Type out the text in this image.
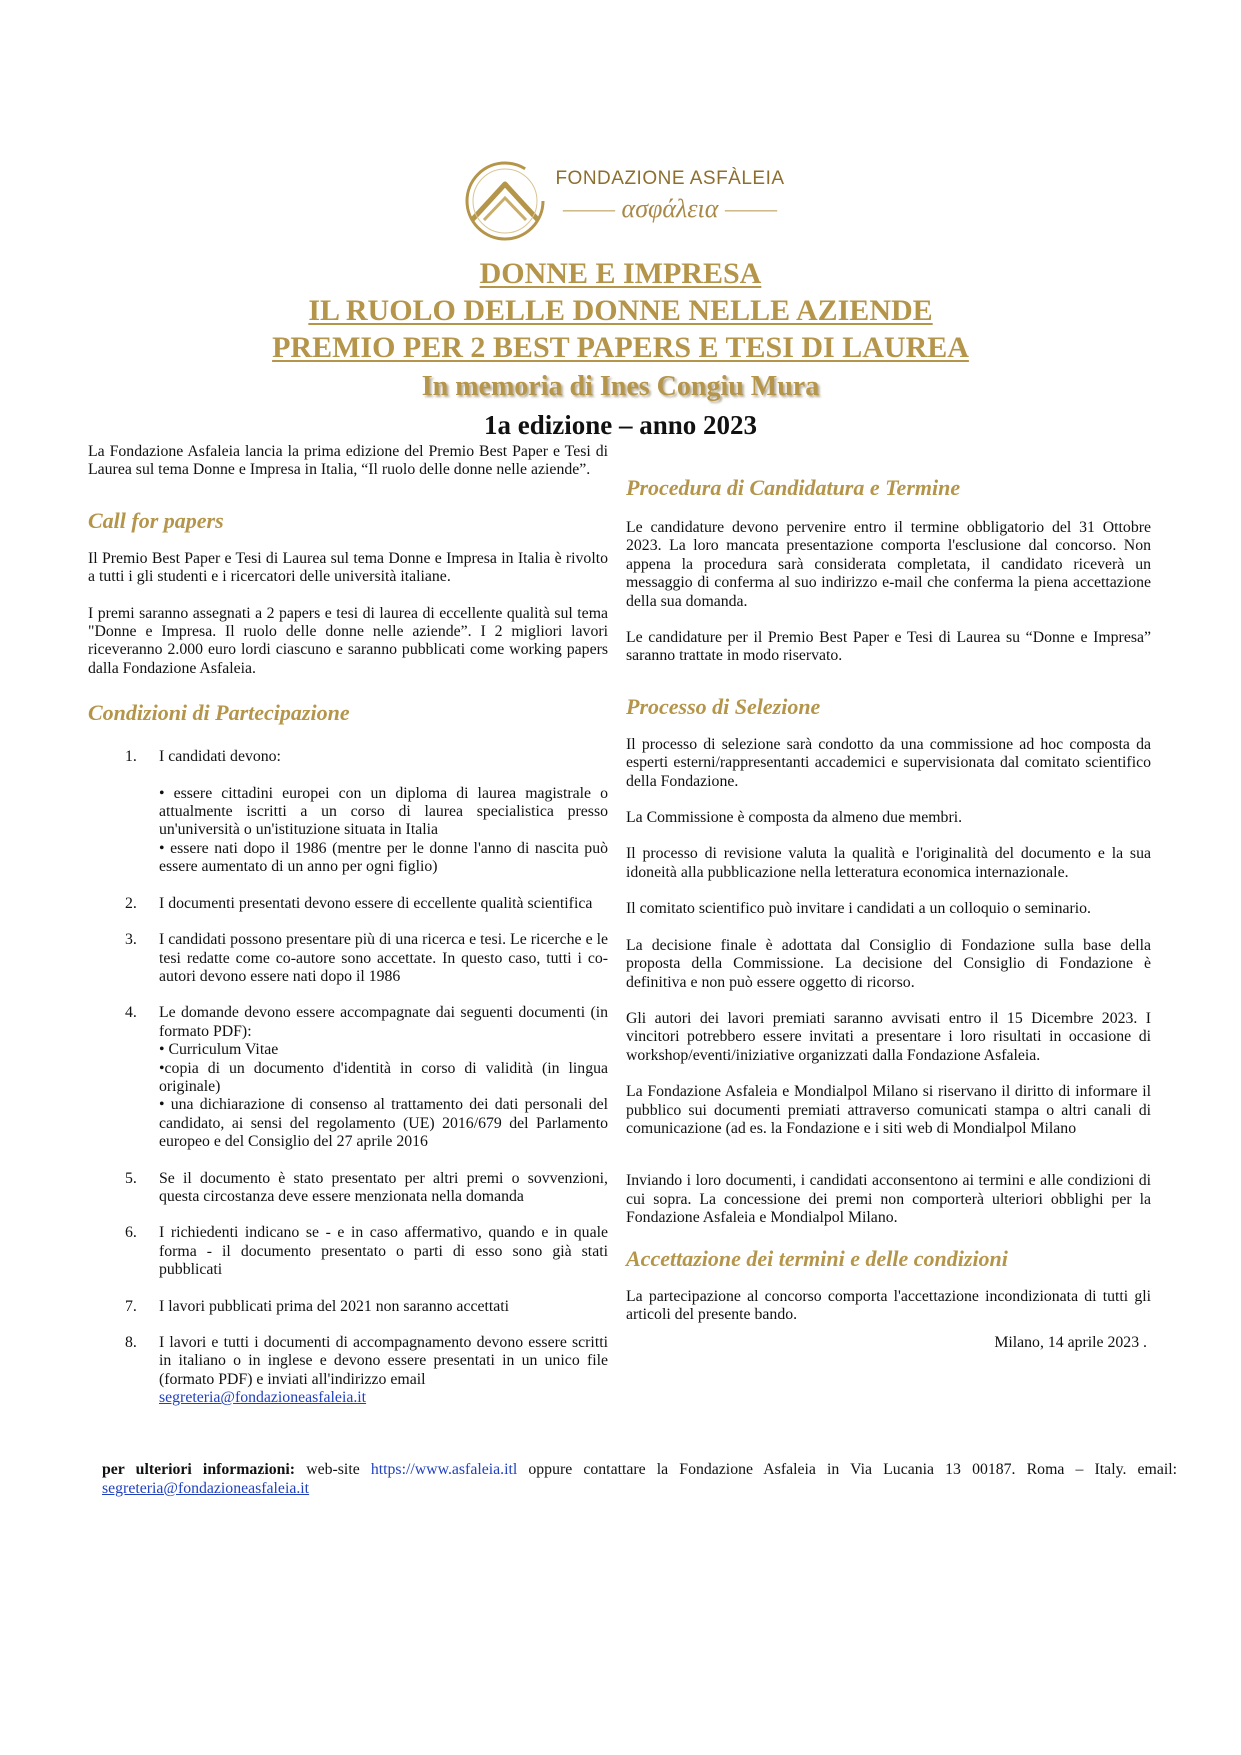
FONDAZIONE ASFÀLEIA
—— ασφάλεια ——
DONNE E IMPRESA
IL RUOLO DELLE DONNE NELLE AZIENDE
PREMIO PER 2 BEST PAPERS E TESI DI LAUREA
In memoria di Ines Congiu Mura
1a edizione – anno 2023

La Fondazione Asfaleia lancia la prima edizione del Premio Best Paper e Tesi di Laurea sul tema Donne e Impresa in Italia, “Il ruolo delle donne nelle aziende”.

Call for papers

Il Premio Best Paper e Tesi di Laurea sul tema Donne e Impresa in Italia è rivolto a tutti i gli studenti e i ricercatori delle università italiane.

I premi saranno assegnati a 2 papers e tesi di laurea di eccellente qualità sul tema "Donne e Impresa. Il ruolo delle donne nelle aziende”. I 2 migliori lavori riceveranno 2.000 euro lordi ciascuno e saranno pubblicati come working papers dalla Fondazione Asfaleia.

Condizioni di Partecipazione
1. I candidati devono:
• essere cittadini europei con un diploma di laurea magistrale o attualmente iscritti a un corso di laurea specialistica presso un'università o un'istituzione situata in Italia
• essere nati dopo il 1986 (mentre per le donne l'anno di nascita può essere aumentato di un anno per ogni figlio)
2. I documenti presentati devono essere di eccellente qualità scientifica
3. I candidati possono presentare più di una ricerca e tesi. Le ricerche e le tesi redatte come co-autore sono accettate. In questo caso, tutti i co-autori devono essere nati dopo il 1986
4. Le domande devono essere accompagnate dai seguenti documenti (in formato PDF):
• Curriculum Vitae
•copia di un documento d'identità in corso di validità (in lingua originale)
• una dichiarazione di consenso al trattamento dei dati personali del candidato, ai sensi del regolamento (UE) 2016/679 del Parlamento europeo e del Consiglio del 27 aprile 2016
5. Se il documento è stato presentato per altri premi o sovvenzioni, questa circostanza deve essere menzionata nella domanda
6. I richiedenti indicano se - e in caso affermativo, quando e in quale forma - il documento presentato o parti di esso sono già stati pubblicati
7. I lavori pubblicati prima del 2021 non saranno accettati
8. I lavori e tutti i documenti di accompagnamento devono essere scritti in italiano o in inglese e devono essere presentati in un unico file (formato PDF) e inviati all'indirizzo email
segreteria@fondazioneasfaleia.it
Procedura di Candidatura e Termine

Le candidature devono pervenire entro il termine obbligatorio del 31 Ottobre 2023. La loro mancata presentazione comporta l'esclusione dal concorso. Non appena la procedura sarà considerata completata, il candidato riceverà un messaggio di conferma al suo indirizzo e-mail che conferma la piena accettazione della sua domanda.

Le candidature per il Premio Best Paper e Tesi di Laurea su “Donne e Impresa” saranno trattate in modo riservato.

Processo di Selezione

Il processo di selezione sarà condotto da una commissione ad hoc composta da esperti esterni/rappresentanti accademici e supervisionata dal comitato scientifico della Fondazione.

La Commissione è composta da almeno due membri.

Il processo di revisione valuta la qualità e l'originalità del documento e la sua idoneità alla pubblicazione nella letteratura economica internazionale.

Il comitato scientifico può invitare i candidati a un colloquio o seminario.

La decisione finale è adottata dal Consiglio di Fondazione sulla base della proposta della Commissione. La decisione del Consiglio di Fondazione è definitiva e non può essere oggetto di ricorso.

Gli autori dei lavori premiati saranno avvisati entro il 15 Dicembre 2023. I vincitori potrebbero essere invitati a presentare i loro risultati in occasione di workshop/eventi/iniziative organizzati dalla Fondazione Asfaleia.

La Fondazione Asfaleia e Mondialpol Milano si riservano il diritto di informare il pubblico sui documenti premiati attraverso comunicati stampa o altri canali di comunicazione (ad es. la Fondazione e i siti web di Mondialpol Milano

Inviando i loro documenti, i candidati acconsentono ai termini e alle condizioni di cui sopra. La concessione dei premi non comporterà ulteriori obblighi per la Fondazione Asfaleia e Mondialpol Milano.

Accettazione dei termini e delle condizioni

La partecipazione al concorso comporta l'accettazione incondizionata di tutti gli articoli del presente bando.

Milano, 14 aprile 2023 .
per ulteriori informazioni: web-site https://www.asfaleia.itl oppure contattare la Fondazione Asfaleia in Via Lucania 13 00187. Roma – Italy. email: segreteria@fondazioneasfaleia.it
